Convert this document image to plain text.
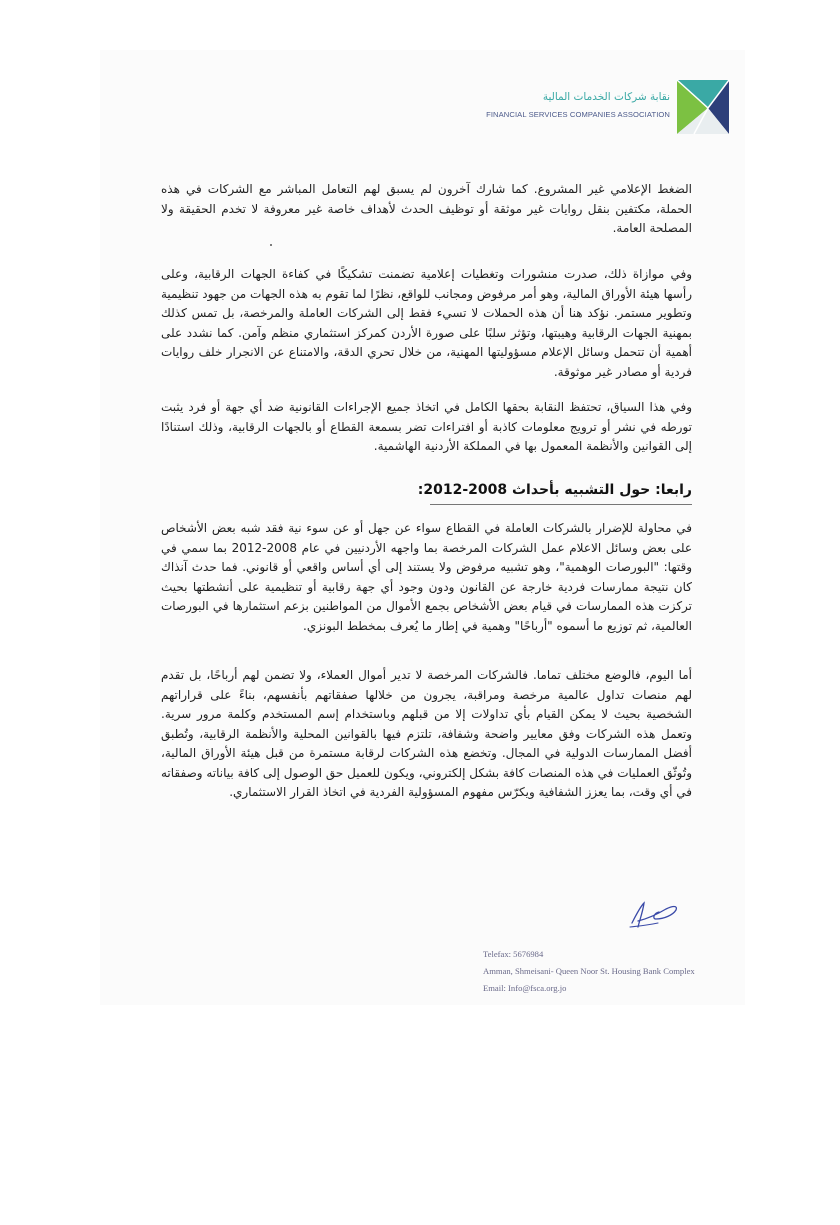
نقابة شركات الخدمات المالية
FINANCIAL SERVICES COMPANIES ASSOCIATION
الضغط الإعلامي غير المشروع. كما شارك آخرون لم يسبق لهم التعامل المباشر مع الشركات في هذه الحملة، مكتفين بنقل روايات غير موثقة أو توظيف الحدث لأهداف خاصة غير معروفة لا تخدم الحقيقة ولا المصلحة العامة.
وفي موازاة ذلك، صدرت منشورات وتغطيات إعلامية تضمنت تشكيكًا في كفاءة الجهات الرقابية، وعلى رأسها هيئة الأوراق المالية، وهو أمر مرفوض ومجانب للواقع، نظرًا لما تقوم به هذه الجهات من جهود تنظيمية وتطوير مستمر. نؤكد هنا أن هذه الحملات لا تسيء فقط إلى الشركات العاملة والمرخصة، بل تمس كذلك بمهنية الجهات الرقابية وهيبتها، وتؤثر سلبًا على صورة الأردن كمركز استثماري منظم وآمن. كما نشدد على أهمية أن تتحمل وسائل الإعلام مسؤوليتها المهنية، من خلال تحري الدقة، والامتناع عن الانجرار خلف روايات فردية أو مصادر غير موثوقة.
وفي هذا السياق، تحتفظ النقابة بحقها الكامل في اتخاذ جميع الإجراءات القانونية ضد أي جهة أو فرد يثبت تورطه في نشر أو ترويج معلومات كاذبة أو افتراءات تضر بسمعة القطاع أو بالجهات الرقابية، وذلك استنادًا إلى القوانين والأنظمة المعمول بها في المملكة الأردنية الهاشمية.
رابعا: حول التشبيه بأحداث 2008-2012:
في محاولة للإضرار بالشركات العاملة في القطاع سواء عن جهل أو عن سوء نية فقد شبه بعض الأشخاص على بعض وسائل الاعلام عمل الشركات المرخصة بما واجهه الأردنيين في عام 2008-2012 بما سمي في وقتها: "البورصات الوهمية"، وهو تشبيه مرفوض ولا يستند إلى أي أساس واقعي أو قانوني. فما حدث آنذاك كان نتيجة ممارسات فردية خارجة عن القانون ودون وجود أي جهة رقابية أو تنظيمية على أنشطتها بحيث تركزت هذه الممارسات في قيام بعض الأشخاص بجمع الأموال من المواطنين بزعم استثمارها في البورصات العالمية، ثم توزيع ما أسموه "أرباحًا" وهمية في إطار ما يُعرف بمخطط البونزي.
أما اليوم، فالوضع مختلف تماما. فالشركات المرخصة لا تدير أموال العملاء، ولا تضمن لهم أرباحًا، بل تقدم لهم منصات تداول عالمية مرخصة ومراقبة، يجرون من خلالها صفقاتهم بأنفسهم، بناءً على قراراتهم الشخصية بحيث لا يمكن القيام بأي تداولات إلا من قبلهم وباستخدام إسم المستخدم وكلمة مرور سرية. وتعمل هذه الشركات وفق معايير واضحة وشفافة، تلتزم فيها بالقوانين المحلية والأنظمة الرقابية، وتُطبق أفضل الممارسات الدولية في المجال. وتخضع هذه الشركات لرقابة مستمرة من قبل هيئة الأوراق المالية، وتُوثّق العمليات في هذه المنصات كافة بشكل إلكتروني، ويكون للعميل حق الوصول إلى كافة بياناته وصفقاته في أي وقت، بما يعزز الشفافية ويكرّس مفهوم المسؤولية الفردية في اتخاذ القرار الاستثماري.
Telefax: 5676984
Amman, Shmeisani- Queen Noor St. Housing Bank Complex
Email: Info@fsca.org.jo
